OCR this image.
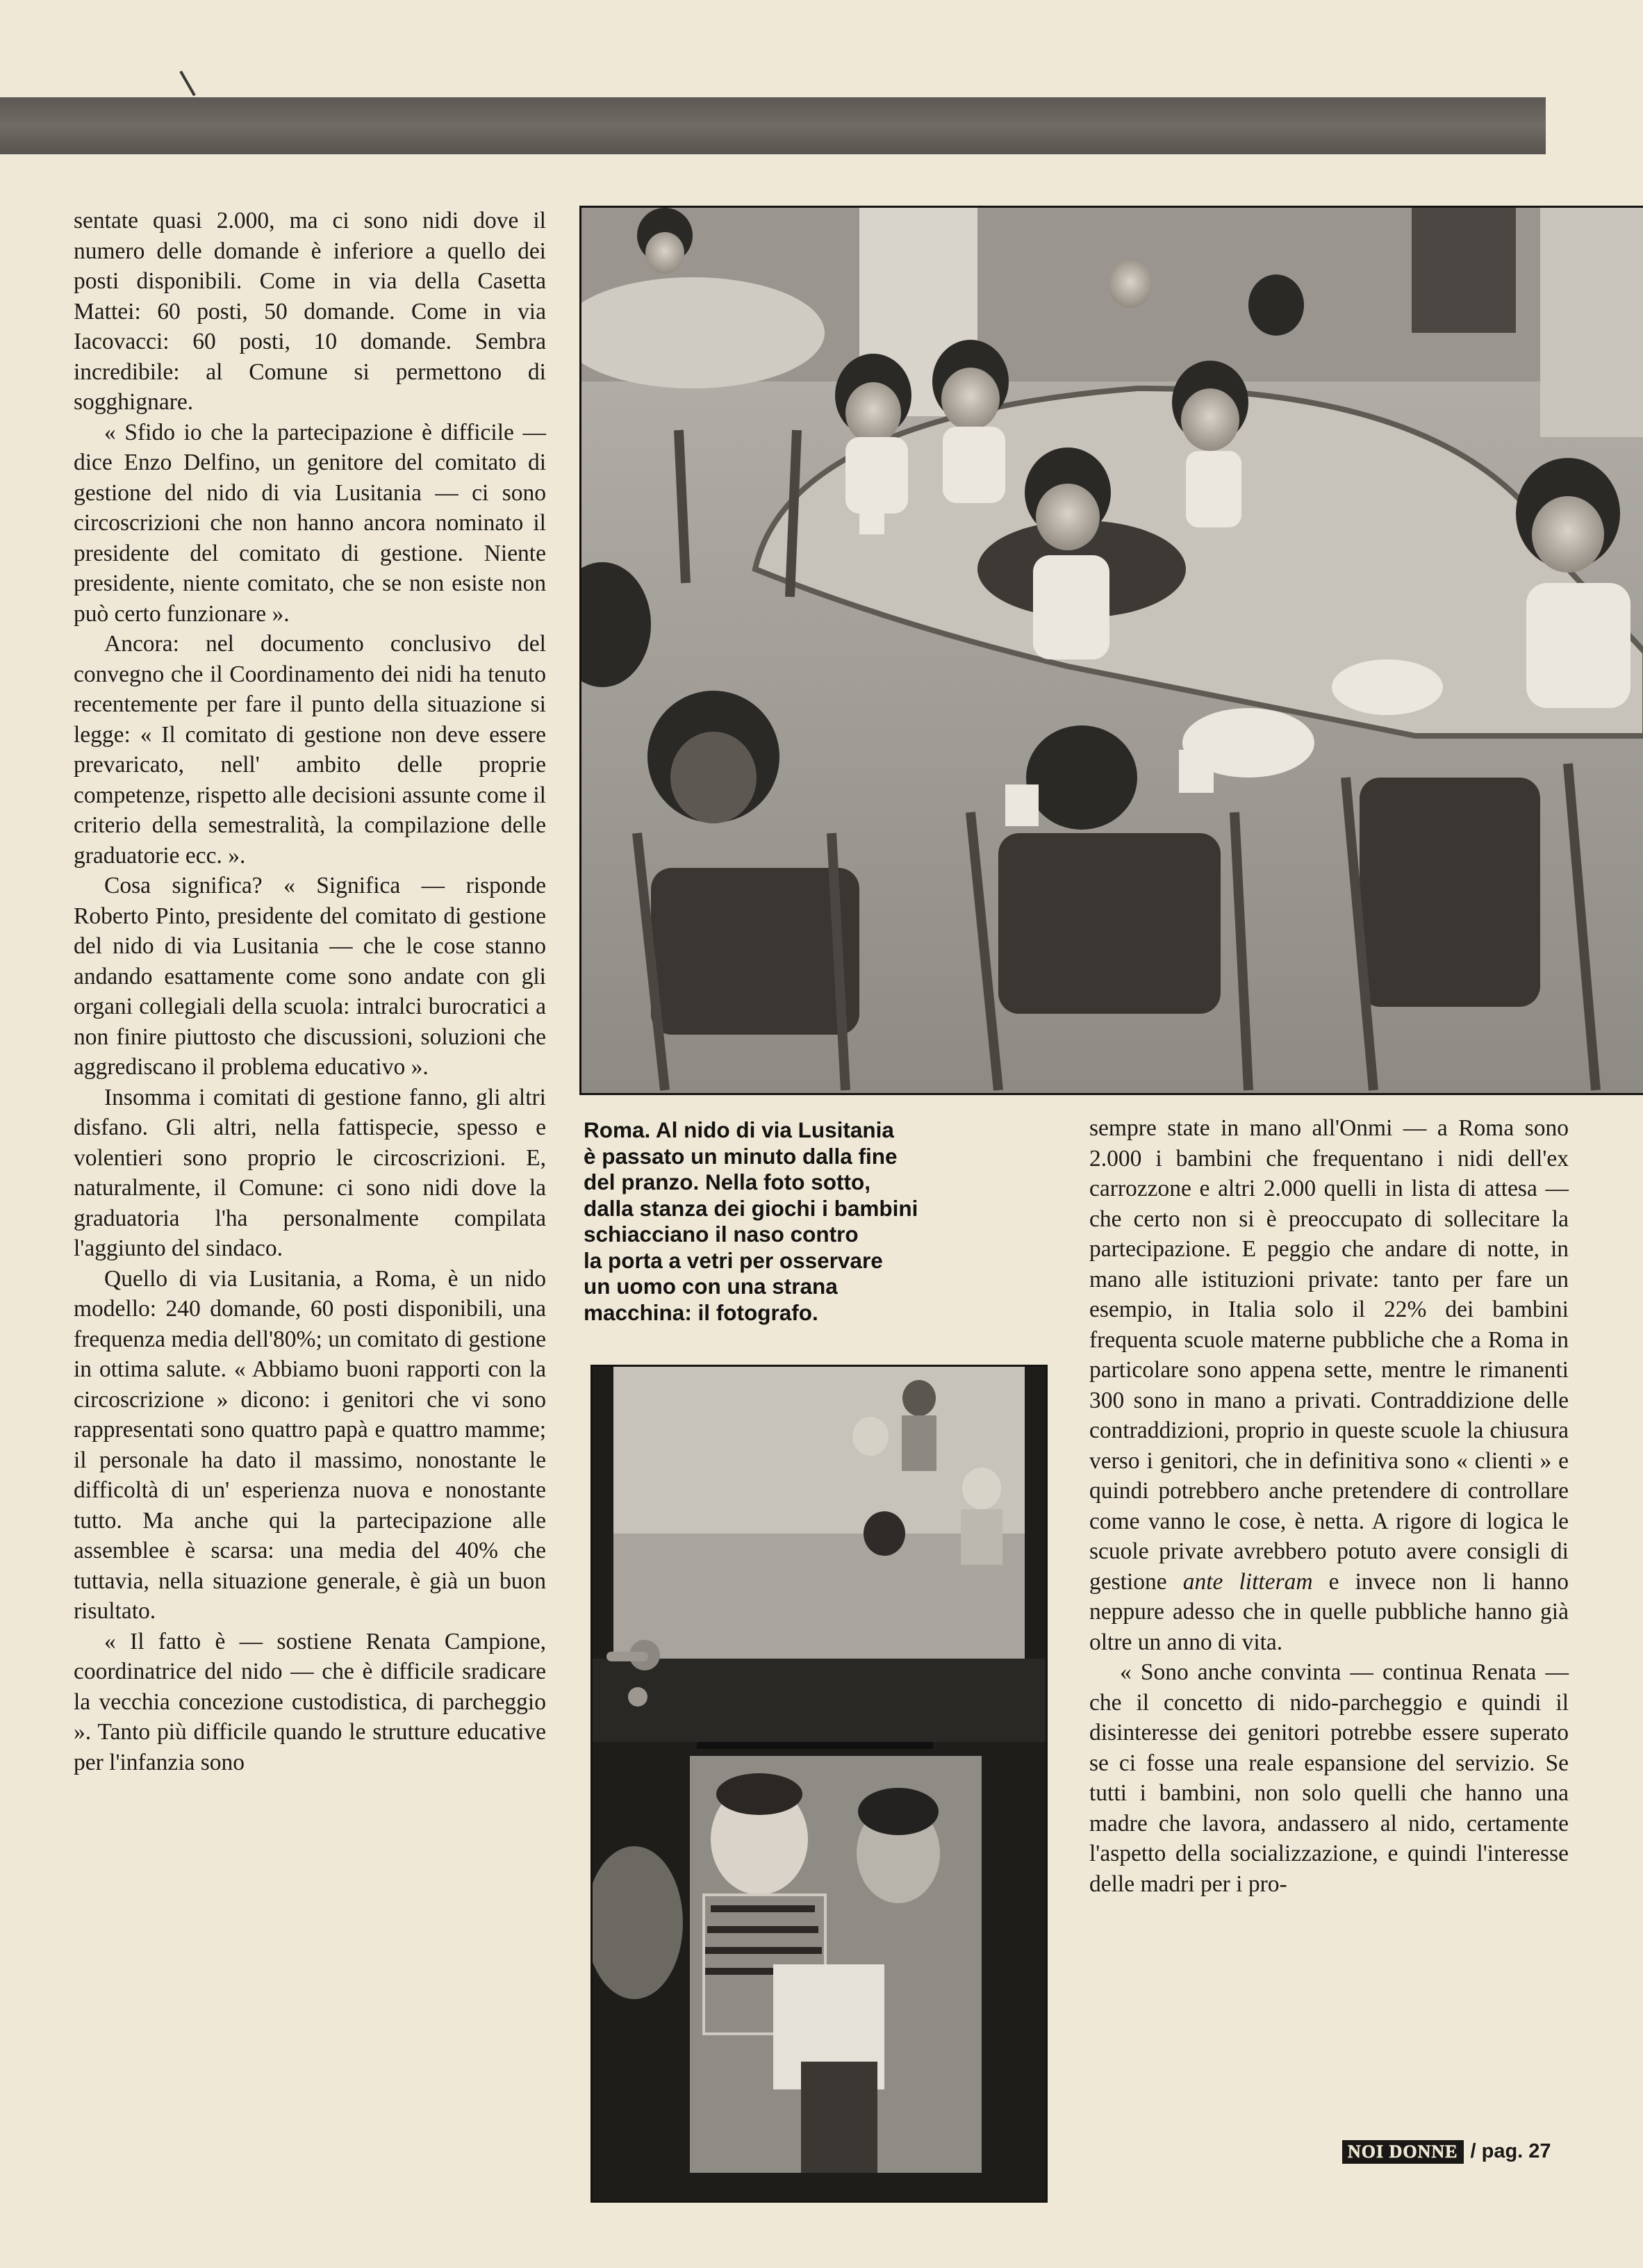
sentate quasi 2.000, ma ci sono nidi dove il numero delle domande è inferiore a quello dei posti disponibili. Come in via della Casetta Mattei: 60 posti, 50 domande. Come in via Iacovacci: 60 posti, 10 domande. Sembra incredibile: al Comune si permettono di sogghignare.

« Sfido io che la partecipazione è difficile — dice Enzo Delfino, un genitore del comitato di gestione del nido di via Lusitania — ci sono circoscrizioni che non hanno ancora nominato il presidente del comitato di gestione. Niente presidente, niente comitato, che se non esiste non può certo funzionare ».

Ancora: nel documento conclusivo del convegno che il Coordinamento dei nidi ha tenuto recentemente per fare il punto della situazione si legge: « Il comitato di gestione non deve essere prevaricato, nell' ambito delle proprie competenze, rispetto alle decisioni assunte come il criterio della semestralità, la compilazione delle graduatorie ecc. ».

Cosa significa? « Significa — risponde Roberto Pinto, presidente del comitato di gestione del nido di via Lusitania — che le cose stanno andando esattamente come sono andate con gli organi collegiali della scuola: intralci burocratici a non finire piuttosto che discussioni, soluzioni che aggrediscano il problema educativo ».

Insomma i comitati di gestione fanno, gli altri disfano. Gli altri, nella fattispecie, spesso e volentieri sono proprio le circoscrizioni. E, naturalmente, il Comune: ci sono nidi dove la graduatoria l'ha personalmente compilata l'aggiunto del sindaco.

Quello di via Lusitania, a Roma, è un nido modello: 240 domande, 60 posti disponibili, una frequenza media dell'80%; un comitato di gestione in ottima salute. « Abbiamo buoni rapporti con la circoscrizione » dicono: i genitori che vi sono rappresentati sono quattro papà e quattro mamme; il personale ha dato il massimo, nonostante le difficoltà di un' esperienza nuova e nonostante tutto. Ma anche qui la partecipazione alle assemblee è scarsa: una media del 40% che tuttavia, nella situazione generale, è già un buon risultato.

« Il fatto è — sostiene Renata Campione, coordinatrice del nido — che è difficile sradicare la vecchia concezione custodistica, di parcheggio ». Tanto più difficile quando le strutture educative per l'infanzia sono

Roma. Al nido di via Lusitania
è passato un minuto dalla fine
del pranzo. Nella foto sotto,
dalla stanza dei giochi i bambini
schiacciano il naso contro
la porta a vetri per osservare
un uomo con una strana
macchina: il fotografo.

sempre state in mano all'Onmi — a Roma sono 2.000 i bambini che frequentano i nidi dell'ex carrozzone e altri 2.000 quelli in lista di attesa — che certo non si è preoccupato di sollecitare la partecipazione. E peggio che andare di notte, in mano alle istituzioni private: tanto per fare un esempio, in Italia solo il 22% dei bambini frequenta scuole materne pubbliche che a Roma in particolare sono appena sette, mentre le rimanenti 300 sono in mano a privati. Contraddizione delle contraddizioni, proprio in queste scuole la chiusura verso i genitori, che in definitiva sono « clienti » e quindi potrebbero anche pretendere di controllare come vanno le cose, è netta. A rigore di logica le scuole private avrebbero potuto avere consigli di gestione ante litteram e invece non li hanno neppure adesso che in quelle pubbliche hanno già oltre un anno di vita.

« Sono anche convinta — continua Renata — che il concetto di nido-parcheggio e quindi il disinteresse dei genitori potrebbe essere superato se ci fosse una reale espansione del servizio. Se tutti i bambini, non solo quelli che hanno una madre che lavora, andassero al nido, certamente l'aspetto della socializzazione, e quindi l'interesse delle madri per i pro-

NOI DONNE / pag. 27
